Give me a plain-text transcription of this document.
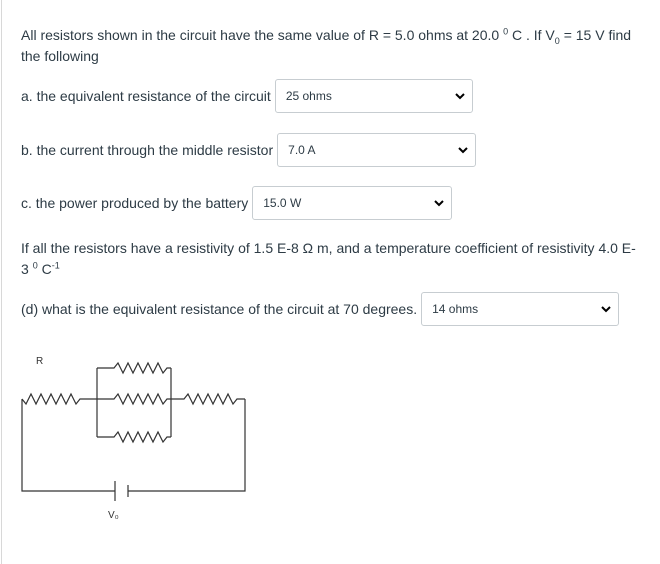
All resistors shown in the circuit have the same value of R = 5.0 ohms at 20.0 $^0$ C . If $V_0 = 15$ V find
the following
a. the equivalent resistance of the circuit 25 ohms
b. the current through the middle resistor 7.0 A
c. the power produced by the battery 15.0 W
If all the resistors have a resistivity of 1.5 E-8 Ω m, and a temperature coefficient of resistivity 4.0 E-
3 $^0$ $C^{-1}$
(d) what is the equivalent resistance of the circuit at 70 degrees. 14 ohms
R
V₀
